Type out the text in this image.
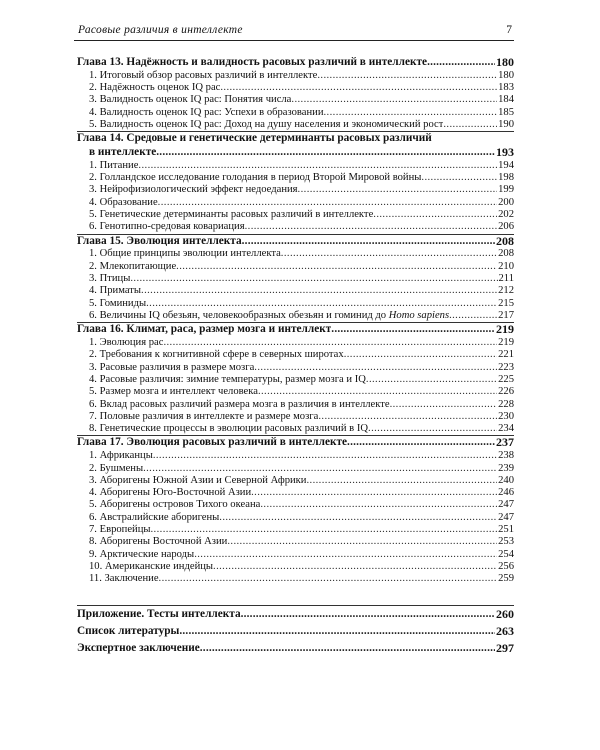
Расовые различия в интеллекте	7
Глава 13. Надёжность и валидность расовых различий в интеллекте .....	180
1. Итоговый обзор расовых различий в интеллекте .....	180
2. Надёжность оценок IQ рас .....	183
3. Валидность оценок IQ рас: Понятия числа .....	184
4. Валидность оценок IQ рас: Успехи в образовании .....	185
5. Валидность оценок IQ рас: Доход на душу населения и экономический рост .....	190
Глава 14. Средовые и генетические детерминанты расовых различий
в интеллекте .....	193
1. Питание .....	194
2. Голландское исследование голодания в период Второй Мировой войны .....	198
3. Нейрофизиологический эффект недоедания .....	199
4. Образование .....	200
5. Генетические детерминанты расовых различий в интеллекте .....	202
6. Генотипно-средовая ковариация .....	206
Глава 15. Эволюция интеллекта .....	208
1. Общие принципы эволюции интеллекта .....	208
2. Млекопитающие .....	210
3. Птицы .....	211
4. Приматы .....	212
5. Гоминиды .....	215
6. Величины IQ обезьян, человекообразных обезьян и гоминид до Homo sapiens .....	217
Глава 16. Климат, раса, размер мозга и интеллект .....	219
1. Эволюция рас .....	219
2. Требования к когнитивной сфере в северных широтах .....	221
3. Расовые различия в размере мозга .....	223
4. Расовые различия: зимние температуры, размер мозга и IQ .....	225
5. Размер мозга и интеллект человека .....	226
6. Вклад расовых различий размера мозга в различия в интеллекте .....	228
7. Половые различия в интеллекте и размере мозга .....	230
8. Генетические процессы в эволюции расовых различий в IQ .....	234
Глава 17. Эволюция расовых различий в интеллекте .....	237
1. Африканцы .....	238
2. Бушмены .....	239
3. Аборигены Южной Азии и Северной Африки .....	240
4. Аборигены Юго-Восточной Азии .....	246
5. Аборигены островов Тихого океана .....	247
6. Австралийские аборигены .....	247
7. Европейцы .....	251
8. Аборигены Восточной Азии .....	253
9. Арктические народы .....	254
10. Американские индейцы .....	256
11. Заключение .....	259
Приложение. Тесты интеллекта .....	260
Список литературы .....	263
Экспертное заключение .....	297
